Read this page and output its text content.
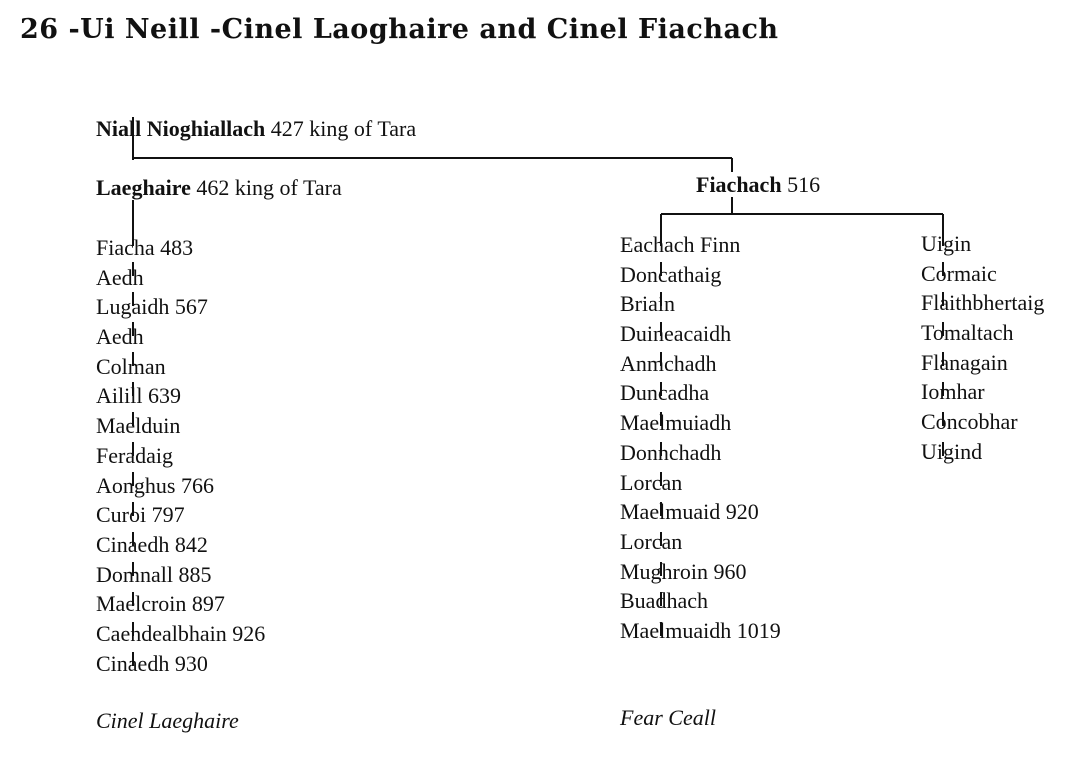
26 -Ui Neill -Cinel Laoghaire and Cinel Fiachach
Niall Nioghiallach 427 king of Tara
Laeghaire 462 king of Tara	Fiachach 516
Fiacha 483
Aedh
Lugaidh 567
Aedh
Colman
Ailill 639
Maelduin
Feradaig
Aonghus 766
Curoi 797
Cinaedh 842
Domnall 885
Maelcroin 897
Caendealbhain 926
Cinaedh 930
Eachach Finn
Doncathaig
Briain
Duineacaidh
Anmchadh
Duncadha
Maelmuiadh
Donnchadh
Lorcan
Maelmuaid 920
Lorcan
Mughroin 960
Buadhach
Maelmuaidh 1019
Uigin
Cormaic
Flaithbhertaig
Tomaltach
Flanagain
Iomhar
Concobhar
Uigind
Cinel Laeghaire	Fear Ceall
